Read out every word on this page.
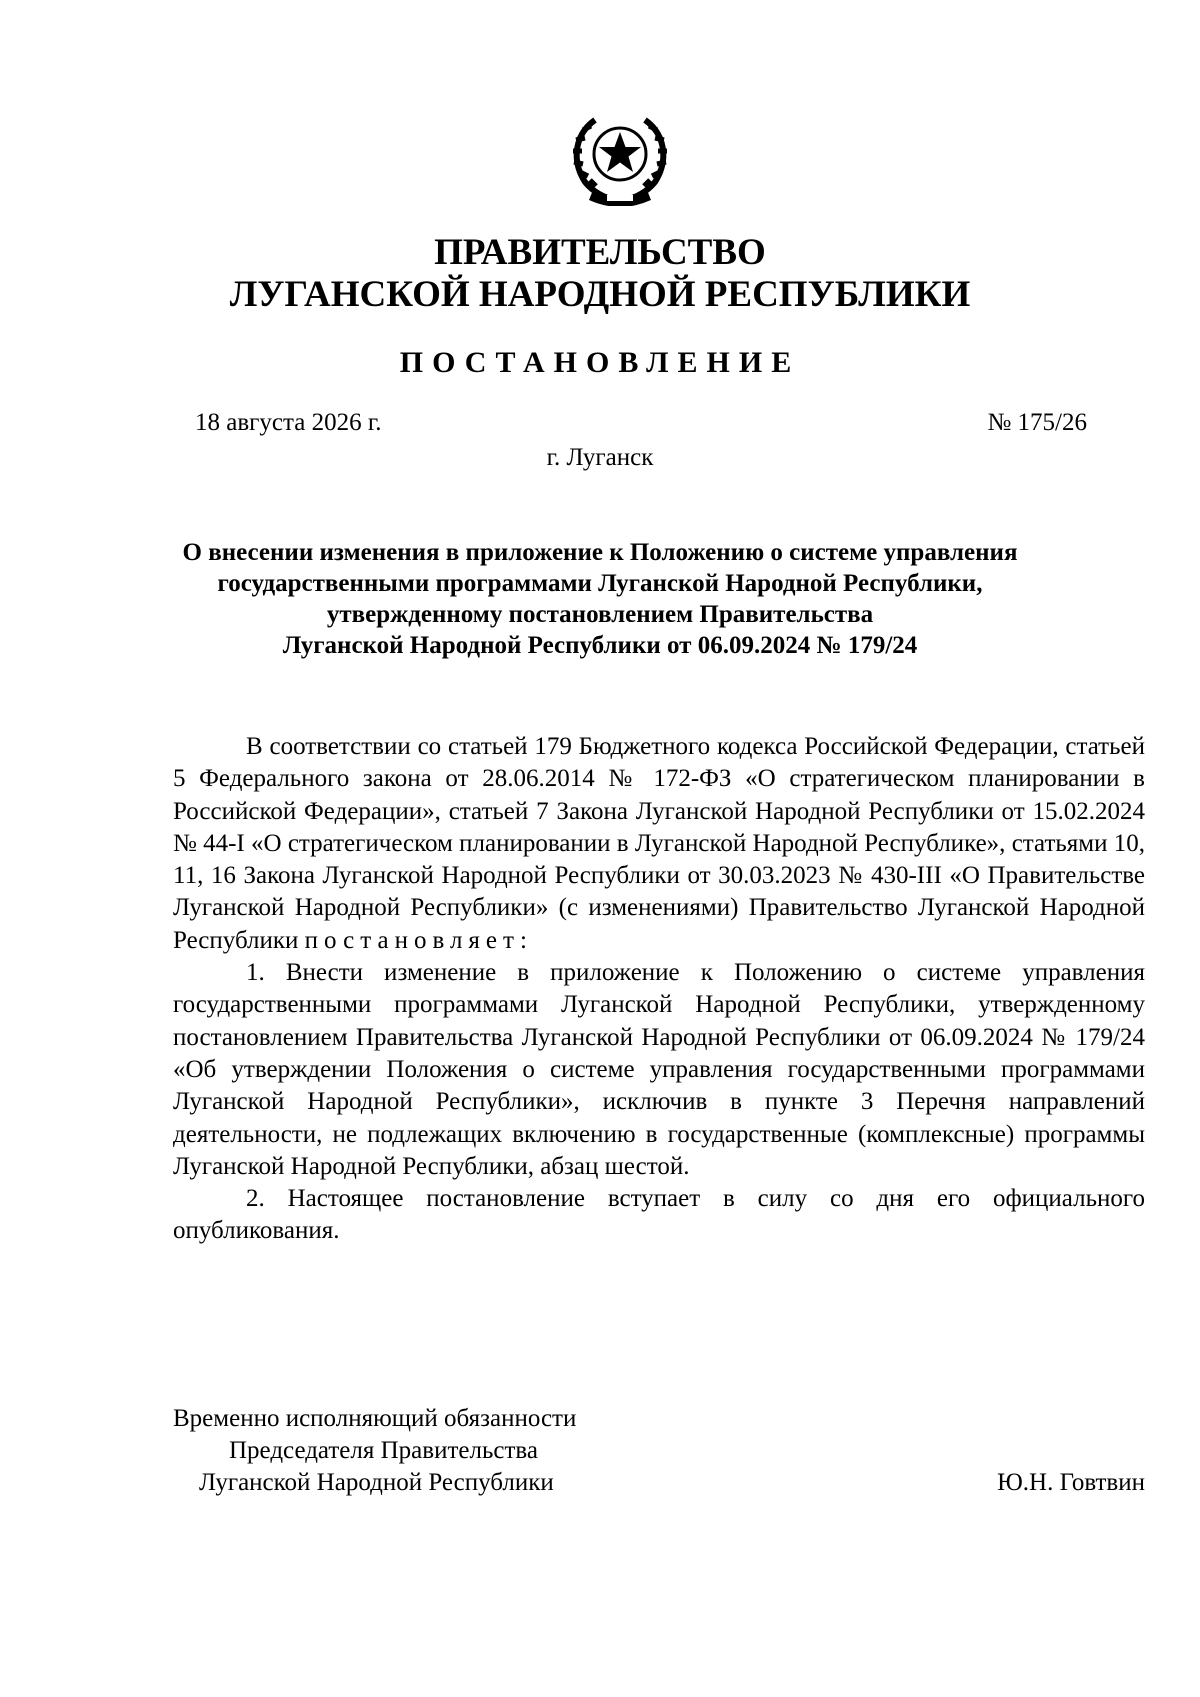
ПРАВИТЕЛЬСТВО
ЛУГАНСКОЙ НАРОДНОЙ РЕСПУБЛИКИ
ПОСТАНОВЛЕНИЕ
18 августа 2026 г.	№ 175/26
г. Луганск
О внесении изменения в приложение к Положению о системе управления
государственными программами Луганской Народной Республики,
утвержденному постановлением Правительства
Луганской Народной Республики от 06.09.2024 № 179/24

В соответствии со статьей 179 Бюджетного кодекса Российской Федерации, статьей 5 Федерального закона от 28.06.2014 № 172-ФЗ «О стратегическом планировании в Российской Федерации», статьей 7 Закона Луганской Народной Республики от 15.02.2024 № 44-I «О стратегическом планировании в Луганской Народной Республике», статьями 10, 11, 16 Закона Луганской Народной Республики от 30.03.2023 № 430-III «О Правительстве Луганской Народной Республики» (с изменениями) Правительство Луганской Народной Республики постановляет:

1. Внести изменение в приложение к Положению о системе управления государственными программами Луганской Народной Республики, утвержденному постановлением Правительства Луганской Народной Республики от 06.09.2024 № 179/24 «Об утверждении Положения о системе управления государственными программами Луганской Народной Республики», исключив в пункте 3 Перечня направлений деятельности, не подлежащих включению в государственные (комплексные) программы Луганской Народной Республики, абзац шестой.

2. Настоящее постановление вступает в силу со дня его официального опубликования.

Временно исполняющий обязанности
Председателя Правительства
Луганской Народной Республики	Ю.Н. Говтвин
